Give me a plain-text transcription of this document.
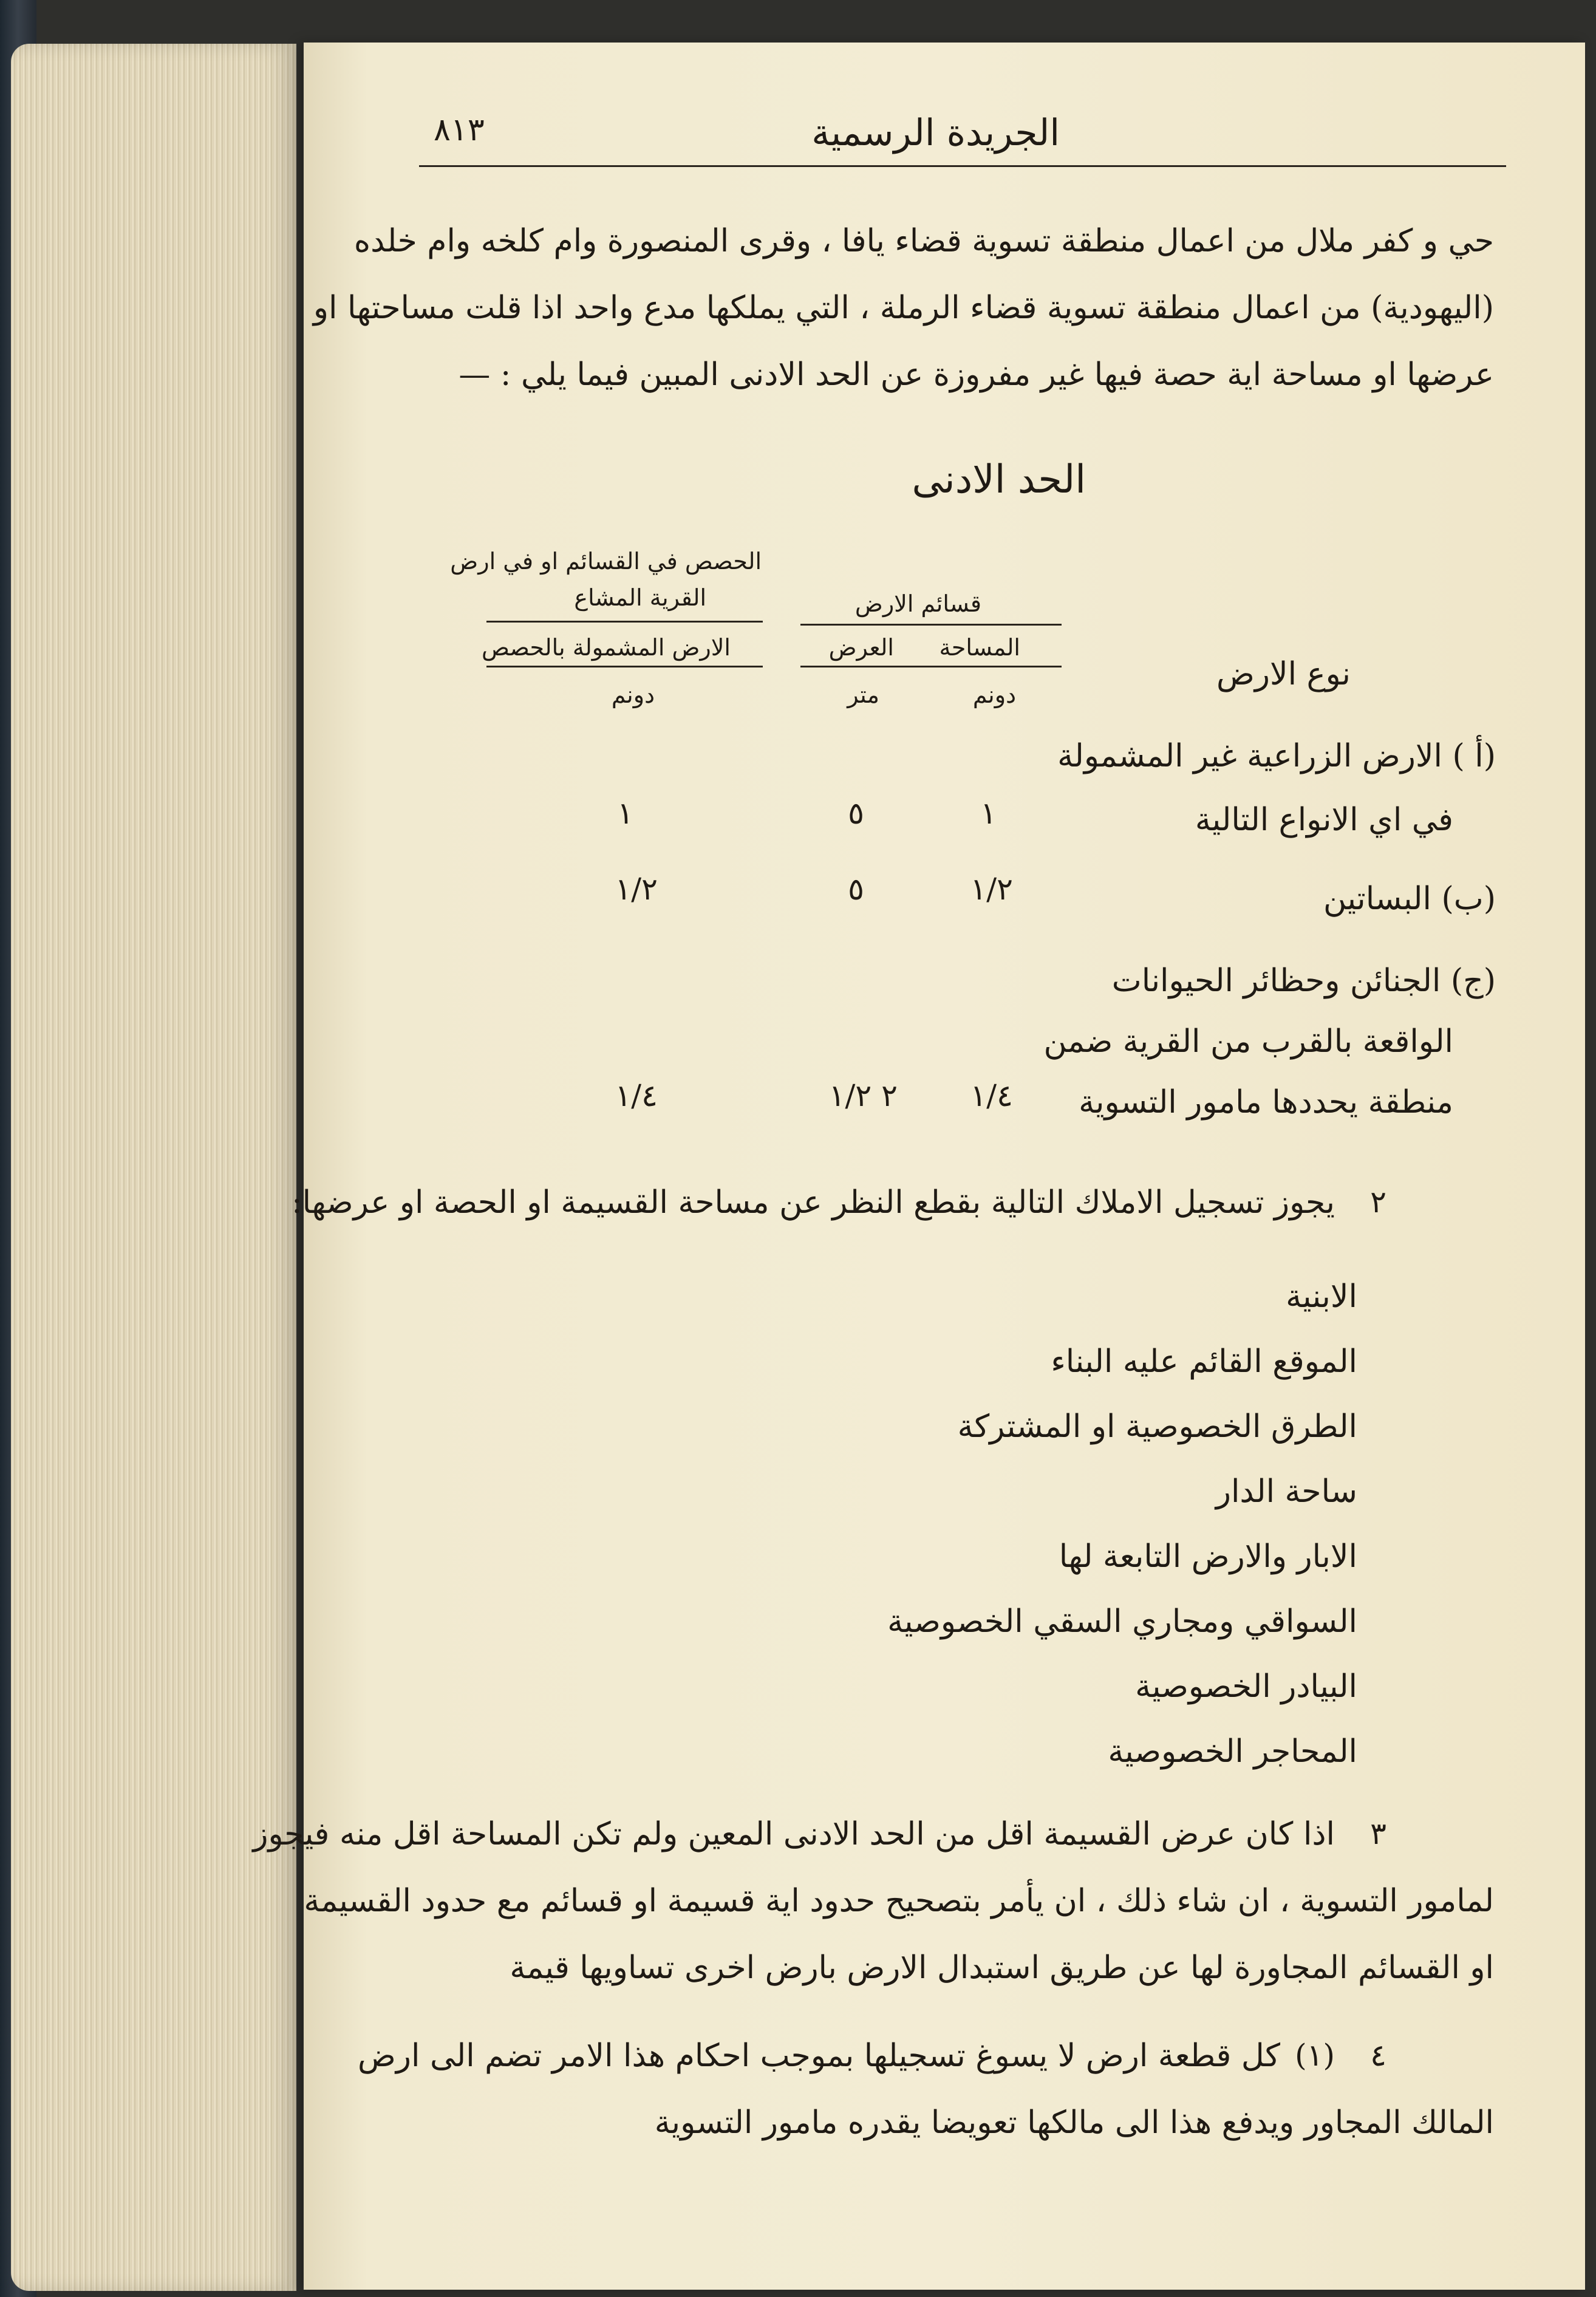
الجريدة الرسمية
٨١٣
حي و كفر ملال من اعمال منطقة تسوية قضاء يافا ، وقرى المنصورة وام كلخه وام خلده
(اليهودية) من اعمال منطقة تسوية قضاء الرملة ، التي يملكها مدع واحد اذا قلت مساحتها او
عرضها او مساحة اية حصة فيها غير مفروزة عن الحد الادنى المبين فيما يلي : —
الحد الادنى
الحصص في القسائم او في ارض
القرية المشاع	قسائم الارض
المساحة
العرض
الارض المشمولة بالحصص
نوع الارض
دونم
متر
دونم
(أ ) الارض الزراعية غير المشمولة
في اي الانواع التالية
١
٥
١
(ب) البساتين
١/٢
٥
١/٢
(ج) الجنائن وحظائر الحيوانات
الواقعة بالقرب من القرية ضمن
منطقة يحددها مامور التسوية
١/٤
٢ ١/٢
١/٤
٢
يجوز تسجيل الاملاك التالية بقطع النظر عن مساحة القسيمة او الحصة او عرضها:
الابنية
الموقع القائم عليه البناء
الطرق الخصوصية او المشتركة
ساحة الدار
الابار والارض التابعة لها
السواقي ومجاري السقي الخصوصية
البيادر الخصوصية
المحاجر الخصوصية
٣
اذا كان عرض القسيمة اقل من الحد الادنى المعين ولم تكن المساحة اقل منه فيجوز
لمامور التسوية ، ان شاء ذلك ، ان يأمر بتصحيح حدود اية قسيمة او قسائم مع حدود القسيمة
او القسائم المجاورة لها عن طريق استبدال الارض بارض اخرى تساويها قيمة
٤
(١)
كل قطعة ارض لا يسوغ تسجيلها بموجب احكام هذا الامر تضم الى ارض
المالك المجاور ويدفع هذا الى مالكها تعويضا يقدره مامور التسوية
